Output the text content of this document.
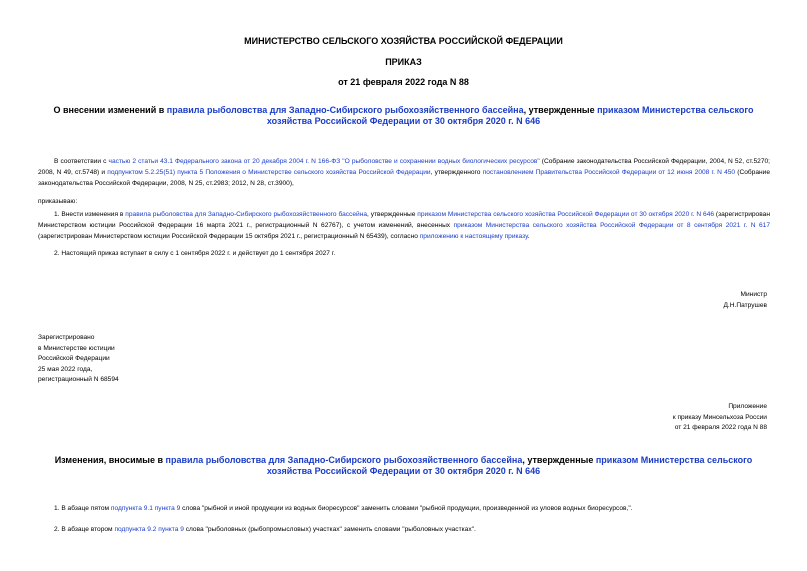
МИНИСТЕРСТВО СЕЛЬСКОГО ХОЗЯЙСТВА РОССИЙСКОЙ ФЕДЕРАЦИИ
ПРИКАЗ
от 21 февраля 2022 года N 88
О внесении изменений в правила рыболовства для Западно-Сибирского рыбохозяйственного бассейна, утвержденные приказом Министерства сельского хозяйства Российской Федерации от 30 октября 2020 г. N 646
В соответствии с частью 2 статьи 43.1 Федерального закона от 20 декабря 2004 г. N 166-ФЗ "О рыболовстве и сохранении водных биологических ресурсов" (Собрание законодательства Российской Федерации, 2004, N 52, ст.5270; 2008, N 49, ст.5748) и подпунктом 5.2.25(51) пункта 5 Положения о Министерстве сельского хозяйства Российской Федерации, утвержденного постановлением Правительства Российской Федерации от 12 июня 2008 г. N 450 (Собрание законодательства Российской Федерации, 2008, N 25, ст.2983; 2012, N 28, ст.3900),
приказываю:
1. Внести изменения в правила рыболовства для Западно-Сибирского рыбохозяйственного бассейна, утвержденные приказом Министерства сельского хозяйства Российской Федерации от 30 октября 2020 г. N 646 (зарегистрирован Министерством юстиции Российской Федерации 16 марта 2021 г., регистрационный N 62767), с учетом изменений, внесенных приказом Министерства сельского хозяйства Российской Федерации от 8 сентября 2021 г. N 617 (зарегистрирован Министерством юстиции Российской Федерации 15 октября 2021 г., регистрационный N 65439), согласно приложению к настоящему приказу.
2. Настоящий приказ вступает в силу с 1 сентября 2022 г. и действует до 1 сентября 2027 г.
Министр
Д.Н.Патрушев
Зарегистрировано
в Министерстве юстиции
Российской Федерации
25 мая 2022 года,
регистрационный N 68594
Приложение
к приказу Минсельхоза России
от 21 февраля 2022 года N 88
Изменения, вносимые в правила рыболовства для Западно-Сибирского рыбохозяйственного бассейна, утвержденные приказом Министерства сельского хозяйства Российской Федерации от 30 октября 2020 г. N 646
1. В абзаце пятом подпункта 9.1 пункта 9 слова "рыбной и иной продукции из водных биоресурсов" заменить словами "рыбной продукции, произведенной из уловов водных биоресурсов,".
2. В абзаце втором подпункта 9.2 пункта 9 слова "рыболовных (рыбопромысловых) участках" заменить словами "рыболовных участках".
